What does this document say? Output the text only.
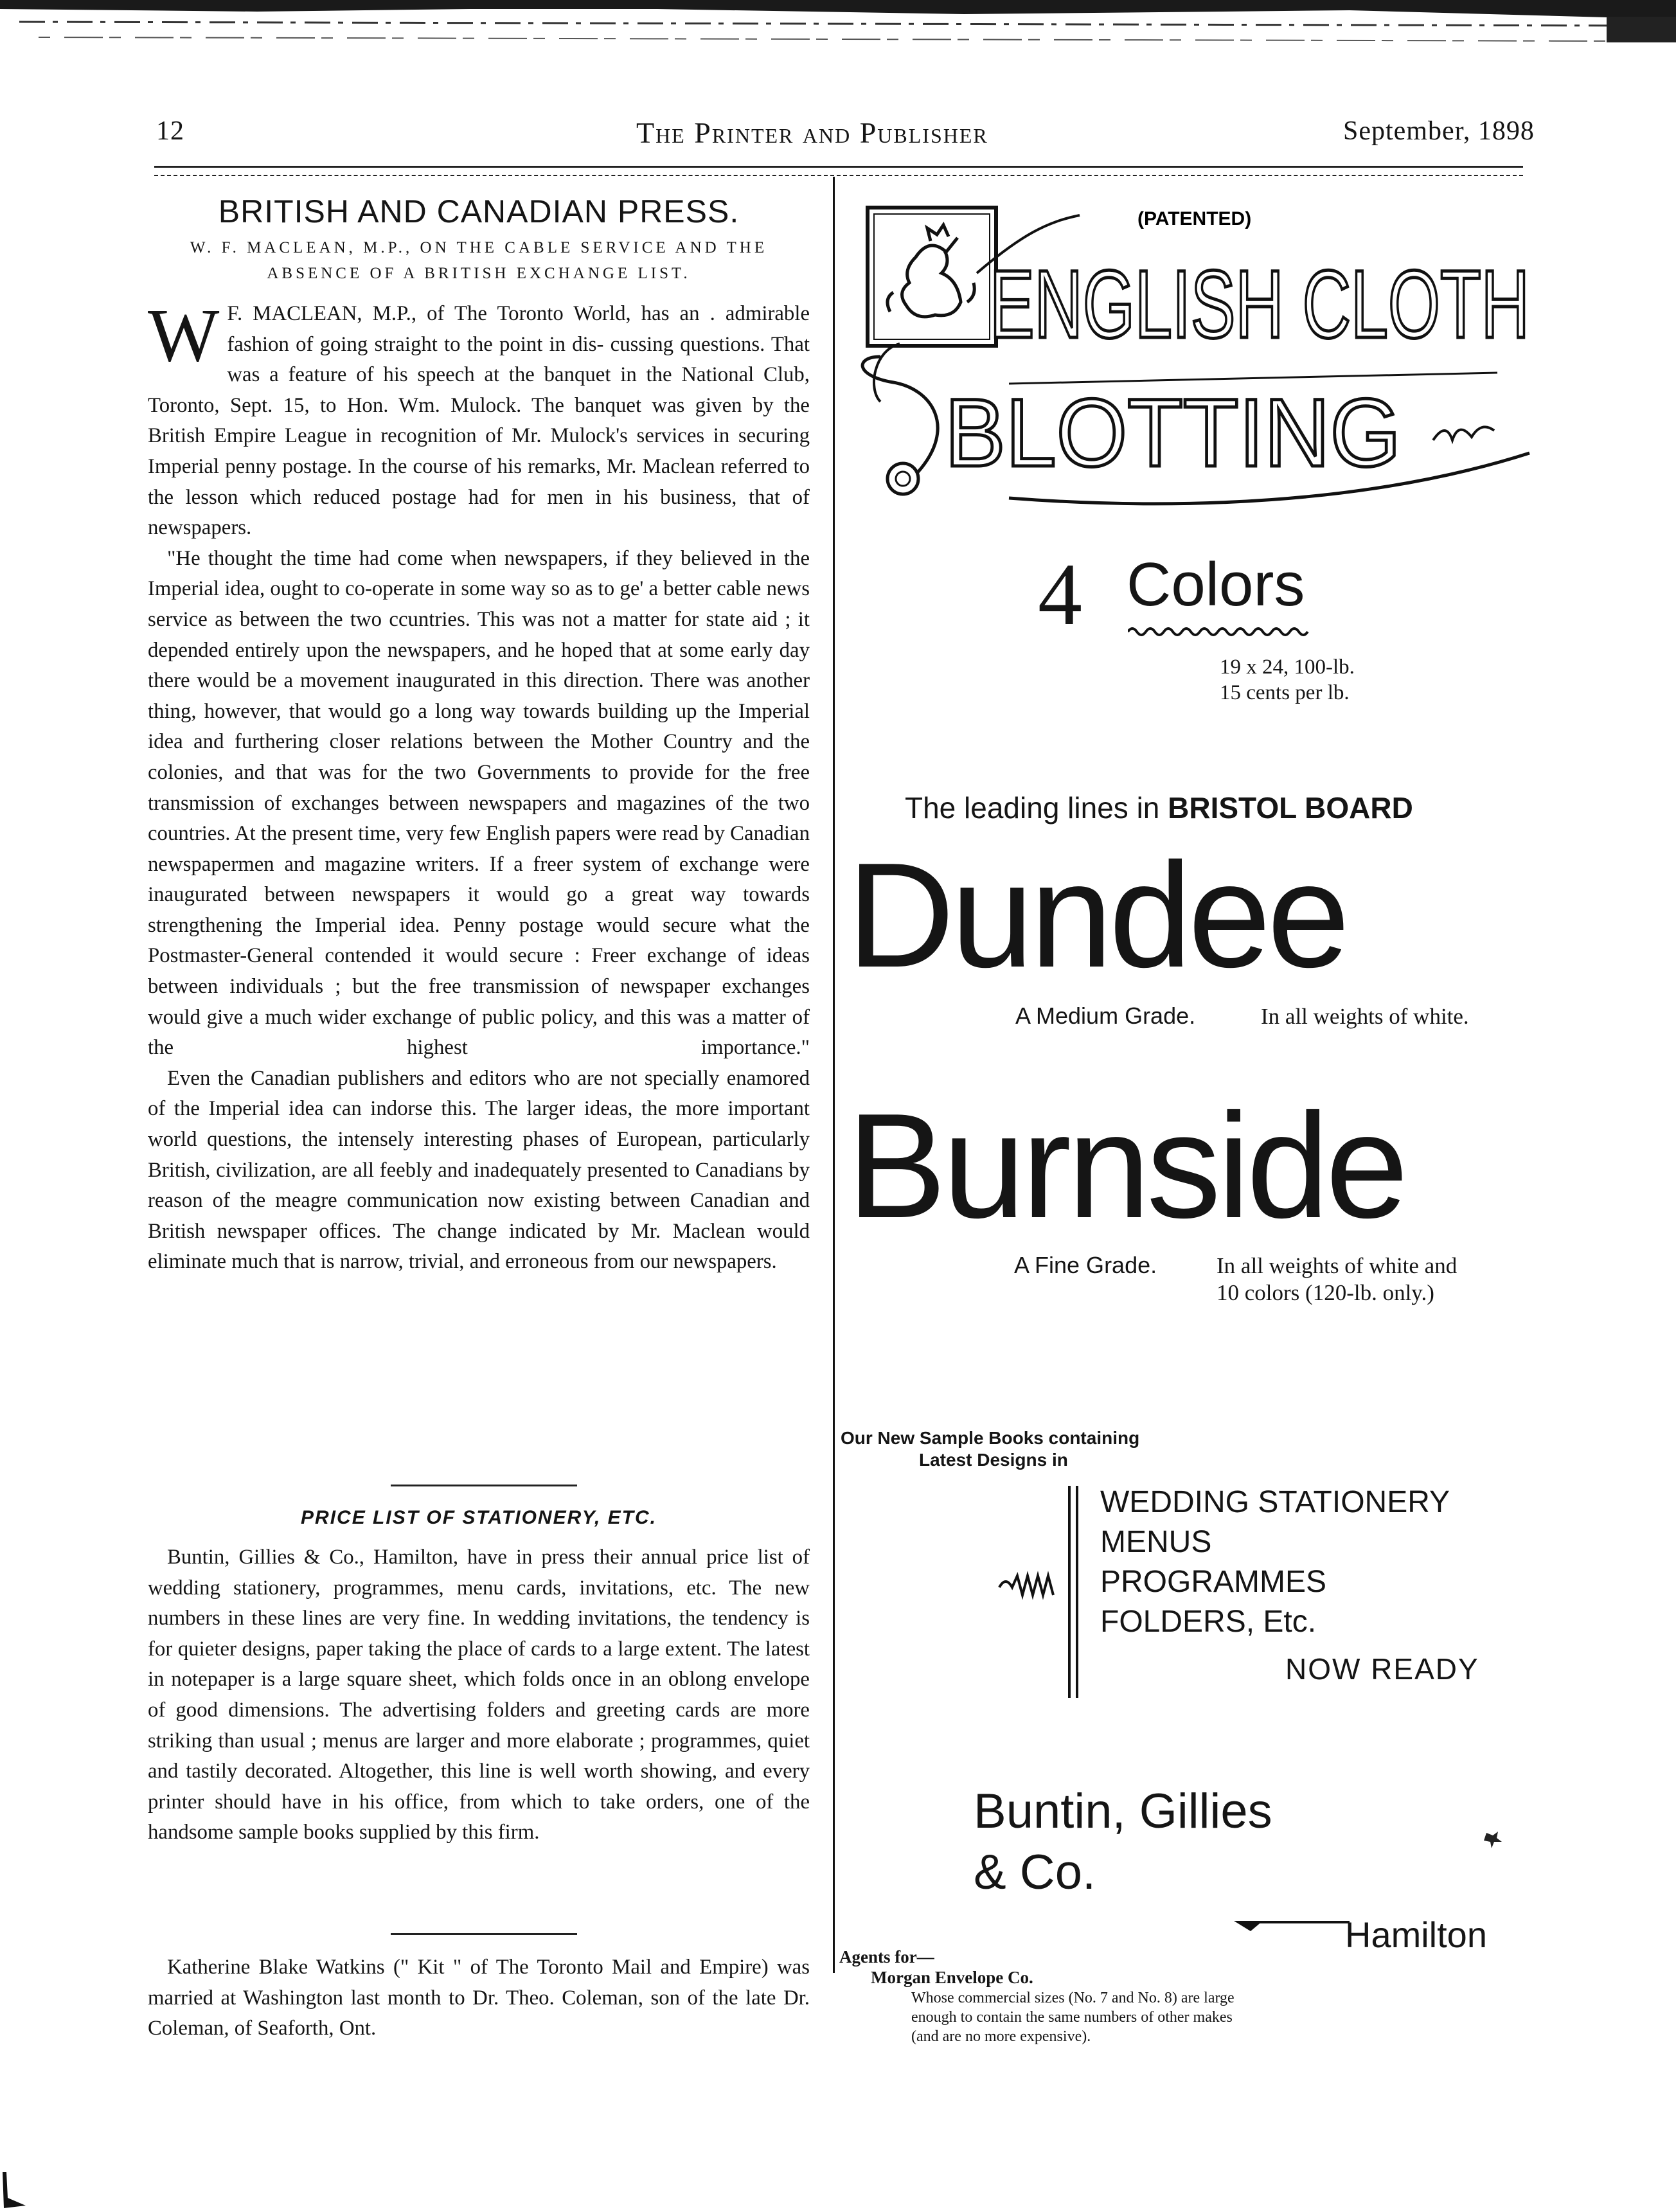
12	The Printer and Publisher	September, 1898
BRITISH AND CANADIAN PRESS.
W. F. MACLEAN, M.P., ON THE CABLE SERVICE AND THE
ABSENCE OF A BRITISH EXCHANGE LIST.
W F. MACLEAN, M.P., of The Toronto World, has an . admirable fashion of going straight to the point in dis- cussing questions. That was a feature of his speech at the banquet in the National Club, Toronto, Sept. 15, to Hon. Wm. Mulock. The banquet was given by the British Empire League in recognition of Mr. Mulock's services in securing Imperial penny postage. In the course of his remarks, Mr. Maclean referred to the lesson which reduced postage had for men in his business, that of newspapers.

"He thought the time had come when newspapers, if they believed in the Imperial idea, ought to co-operate in some way so as to ge' a better cable news service as between the two ccuntries. This was not a matter for state aid ; it depended entirely upon the newspapers, and he hoped that at some early day there would be a movement inaugurated in this direction. There was another thing, however, that would go a long way towards building up the Imperial idea and furthering closer relations between the Mother Country and the colonies, and that was for the two Governments to provide for the free transmission of exchanges between newspapers and magazines of the two countries. At the present time, very few English papers were read by Canadian newspapermen and magazine writers. If a freer system of exchange were inaugurated between newspapers it would go a great way towards strengthening the Imperial idea. Penny postage would secure what the Postmaster-General contended it would secure : Freer exchange of ideas between individuals ; but the free transmission of newspaper exchanges would give a much wider exchange of public policy, and this was a matter of the highest importance."

Even the Canadian publishers and editors who are not specially enamored of the Imperial idea can indorse this. The larger ideas, the more important world questions, the intensely interesting phases of European, particularly British, civilization, are all feebly and inadequately presented to Canadians by reason of the meagre communication now existing between Canadian and British newspaper offices. The change indicated by Mr. Maclean would eliminate much that is narrow, trivial, and erroneous from our newspapers.

PRICE LIST OF STATIONERY, ETC.

Buntin, Gillies & Co., Hamilton, have in press their annual price list of wedding stationery, programmes, menu cards, invitations, etc. The new numbers in these lines are very fine. In wedding invitations, the tendency is for quieter designs, paper taking the place of cards to a large extent. The latest in notepaper is a large square sheet, which folds once in an oblong envelope of good dimensions. The advertising folders and greeting cards are more striking than usual ; menus are larger and more elaborate ; programmes, quiet and tastily decorated. Altogether, this line is well worth showing, and every printer should have in his office, from which to take orders, one of the handsome sample books supplied by this firm.

Katherine Blake Watkins (" Kit " of The Toronto Mail and Empire) was married at Washington last month to Dr. Theo. Coleman, son of the late Dr. Coleman, of Seaforth, Ont.

(PATENTED)
ENGLISH CLOTH
BLOTTING
4 Colors
19 x 24, 100-lb.
15 cents per lb.
The leading lines in BRISTOL BOARD
Dundee
A Medium Grade.	In all weights of white.
Burnside
A Fine Grade.	In all weights of white and
10 colors (120-lb. only.)
Our New Sample Books containing
Latest Designs in
WEDDING STATIONERY
MENUS
PROGRAMMES
FOLDERS, Etc.
NOW READY
Buntin, Gillies
& Co.
Hamilton
Agents for—
Morgan Envelope Co.
Whose commercial sizes (No. 7 and No. 8) are large
enough to contain the same numbers of other makes
(and are no more expensive).
